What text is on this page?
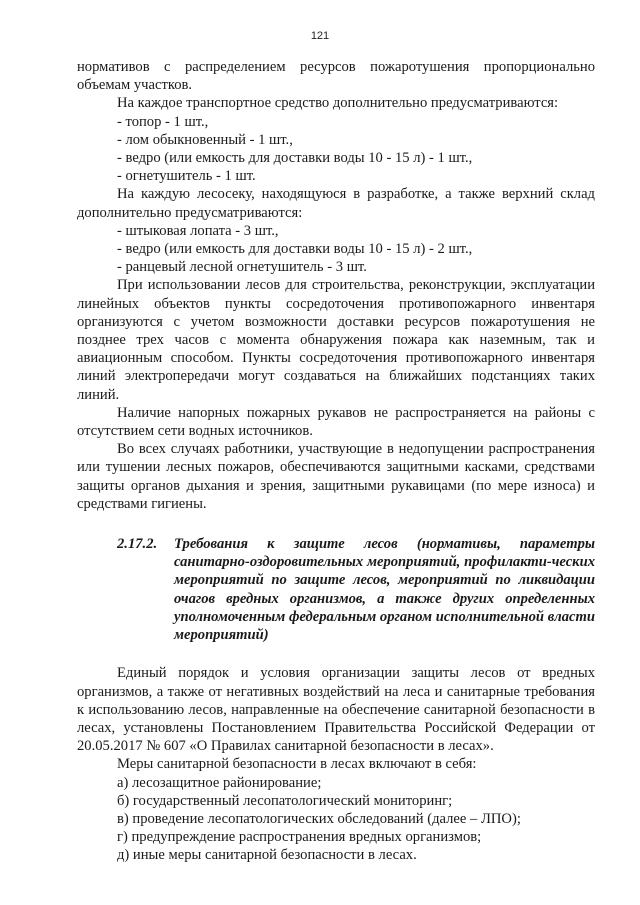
121

нормативов с распределением ресурсов пожаротушения пропорционально объемам участков.

На каждое транспортное средство дополнительно предусматриваются:

- топор - 1 шт.,
- лом обыкновенный - 1 шт.,
- ведро (или емкость для доставки воды 10 - 15 л) - 1 шт.,
- огнетушитель - 1 шт.

На каждую лесосеку, находящуюся в разработке, а также верхний склад дополнительно предусматриваются:

- штыковая лопата - 3 шт.,
- ведро (или емкость для доставки воды 10 - 15 л) - 2 шт.,
- ранцевый лесной огнетушитель - 3 шт.

При использовании лесов для строительства, реконструкции, эксплуатации линейных объектов пункты сосредоточения противопожарного инвентаря организуются с учетом возможности доставки ресурсов пожаротушения не позднее трех часов с момента обнаружения пожара как наземным, так и авиационным способом. Пункты сосредоточения противопожарного инвентаря линий электропередачи могут создаваться на ближайших подстанциях таких линий.

Наличие напорных пожарных рукавов не распространяется на районы с отсутствием сети водных источников.

Во всех случаях работники, участвующие в недопущении распространения или тушении лесных пожаров, обеспечиваются защитными касками, средствами защиты органов дыхания и зрения, защитными рукавицами (по мере износа) и средствами гигиены.

2.17.2.	Требования к защите лесов (нормативы, параметры санитарно-оздоровительных мероприятий, профилакти-ческих мероприятий по защите лесов, мероприятий по ликвидации очагов вредных организмов, а также других определенных уполномоченным федеральным органом исполнительной власти мероприятий)

Единый порядок и условия организации защиты лесов от вредных организмов, а также от негативных воздействий на леса и санитарные требования к использованию лесов, направленные на обеспечение санитарной безопасности в лесах, установлены Постановлением Правительства Российской Федерации от 20.05.2017 № 607 «О Правилах санитарной безопасности в лесах».

Меры санитарной безопасности в лесах включают в себя:

а) лесозащитное районирование;
б) государственный лесопатологический мониторинг;
в) проведение лесопатологических обследований (далее – ЛПО);
г) предупреждение распространения вредных организмов;
д) иные меры санитарной безопасности в лесах.
